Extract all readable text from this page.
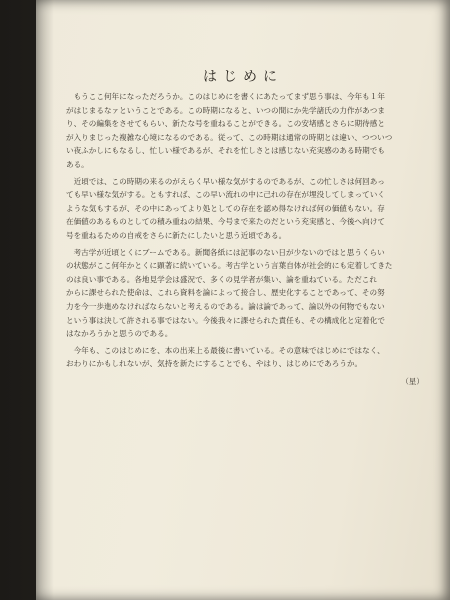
はじめに
もうここ何年になっただろうか。このはじめにを書くにあたってまず思う事は、今年も１年
がはじまるなァということである。この時期になると、いつの間にか先学諸氏の力作があつま
り、その編集をさせてもらい、新たな号を重ねることができる。この安堵感とさらに期待感と
が入りまじった複雑な心境になるのである。従って、この時期は通常の時期とは違い、つついつ
い夜ふかしにもなるし、忙しい様であるが、それを忙しさとは感じない充実感のある時期でも
ある。
近頃では、この時期の来るのがえらく早い様な気がするのであるが、この忙しさは何回あっ
ても早い様な気がする。ともすれば、この早い流れの中に己れの存在が埋没してしまっていく
ような気もするが、その中にあってより処としての存在を認め得なければ何の価値もない。存
在価値のあるものとしての積み重ねの結果、今号まで来たのだという充実感と、今後へ向けて
号を重ねるための自戒をさらに新たにしたいと思う近頃である。
考古学が近頃とくにブームである。新聞各紙には記事のない日が少ないのではと思うくらい
の状態がここ何年かとくに顕著に続いている。考古学という言葉自体が社会的にも定着してきた
のは良い事である。各地見学会は盛況で、多くの見学者が集い、論を重ねている。ただこれ
からに課せられた使命は、これら資料を論によって接合し、歴史化することであって、その努
力を今一歩進めなければならないと考えるのである。論は論であって、論以外の何物でもない
という事は決して許される事ではない。今後我々に課せられた責任も、その構成化と定着化で
はなかろうかと思うのである。
今年も、このはじめにを、本の出来上る最後に書いている。その意味ではじめにではなく、
おわりにかもしれないが、気持を新たにすることでも、やはり、はじめにであろうか。
（星）
